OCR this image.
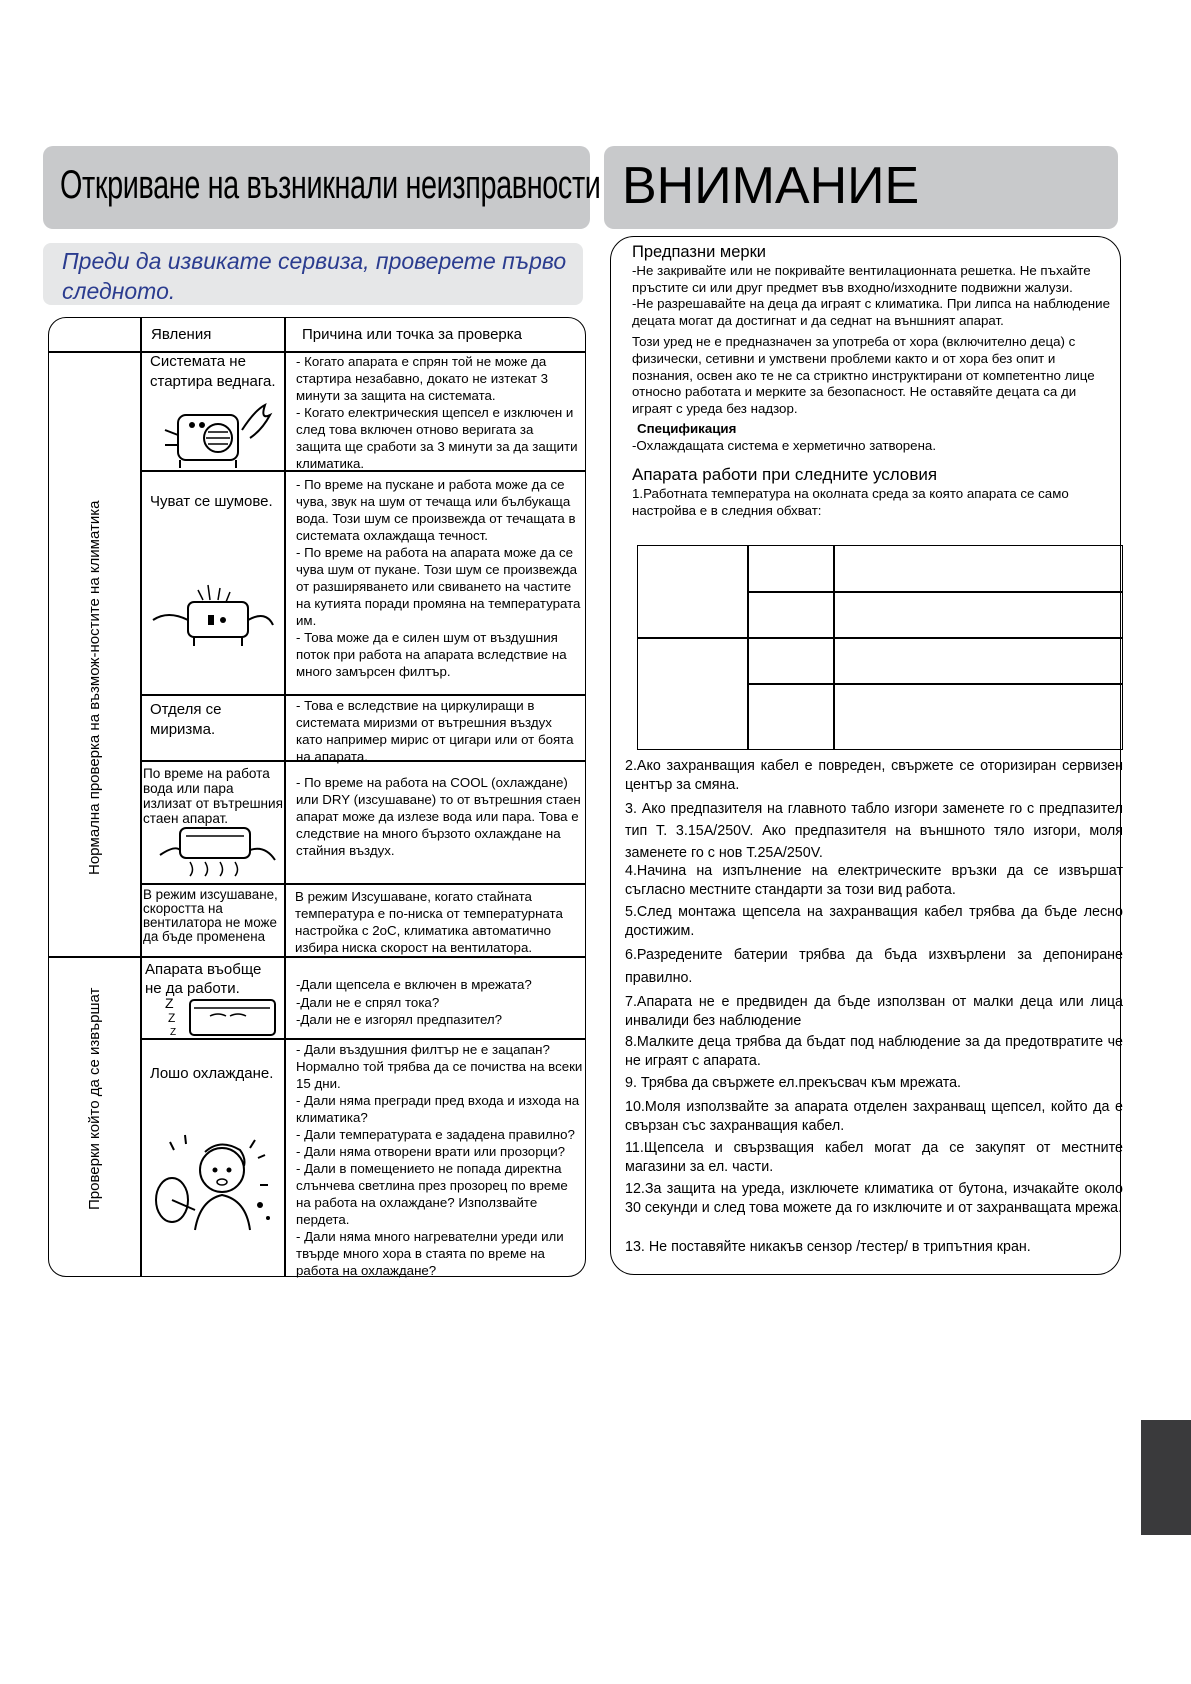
Откриване на възникнали неизправности ВНИМАНИЕ
Преди да извикате сервиза, проверете първо следното.
Явления	Причина или точка за проверка
Нормална проверка на възмож-ностите на климатика
Проверки който да се извършат
Системата не стартира веднага.
- Когато апарата е спрян той не може да стартира незабавно, докато не изтекат 3 минути за защита на системата.
- Когато електрическия щепсел е изключен и след това включен отново веригата за защита ще сработи за 3 минути за да защити климатика.
Чуват се шумове.
- По време на пускане и работа може да се чува, звук на шум от течаща или бълбукаща вода. Този шум се произвежда от течащата в системата охлаждаща течност.
- По време на работа на апарата може да се чува шум от пукане. Този шум се произвежда от разширяването или свиването на частите на кутията поради промяна на температурата им.
- Това може да е силен шум от въздушния поток при работа на апарата вследствие на много замърсен филтър.
Отделя се миризма.
- Това е вследствие на циркулиращи в системата миризми от вътрешния въздух като например мирис от цигари или от боята на апарата.
По време на работа вода или пара излизат от вътрешния стаен апарат.
- По време на работа на COOL (охлаждане) или DRY (изсушаване) то от вътрешния стаен апарат може да излезе вода или пара. Това е следствие на много бързото охлаждане на стайния въздух.
В режим изсушаване, скоростта на вентилатора не може да бъде променена
В режим Изсушаване, когато стайната температура е по-ниска от температурната настройка с 2оС, климатика автоматично избира ниска скорост на вентилатора.
Апарата въобще не да работи.	-Дали щепсела е включен в мрежата?
-Дали не е спрял тока?
-Дали не е изгорял предпазител?
Z
Z
Z
Лошо охлаждане.
- Дали въздушния филтър не е зацапан? Нормално той трябва да се почиства на всеки 15 дни.
- Дали няма прегради пред входа и изхода на климатика?
- Дали температурата е зададена правилно?
- Дали няма отворени врати или прозорци?
- Дали в помещението не попада директна слънчева светлина през прозорец по време на работа на охлаждане? Използвайте пердета.
- Дали няма много нагревателни уреди или твърде много хора в стаята по време на работа на охлаждане?
Предпазни мерки
-Не закривайте или не покривайте вентилационната решетка. Не пъхайте пръстите си или друг предмет във входно/изходните подвижни жалузи.
-Не разрешавайте на деца да играят с климатика. При липса на наблюдение децата могат да достигнат и да седнат на външният апарат.
Този уред не е предназначен за употреба от хора (включително деца) с физически, сетивни и умствени проблеми както и от хора без опит и познания, освен ако те не са стриктно инструктирани от компетентно лице относно работата и мерките за безопасност. Не оставяйте децата са ди играят с уреда без надзор.
Спецификация
-Охлаждащата система е херметично затворена.
Апарата работи при следните условия
1.Работната температура на околната среда за която апарата се само настройва е в следния обхват:
2.Ако захранващия кабел е повреден, свържете се оторизиран сервизен център за смяна.
3. Ако предпазителя на главното табло изгори заменете го с предпазител тип Т. 3.15A/250V. Ако предпазителя на външното тяло изгори, моля заменете го с нов Т.25A/250V.
4.Начина на изпълнение на електрическите връзки да се извършат съгласно местните стандарти за този вид работа.
5.След монтажа щепсела на захранващия кабел трябва да бъде лесно достижим.
6.Разредените батерии трябва да бъда изхвърлени за депониране правилно.
7.Апарата не е предвиден да бъде използван от малки деца или лица инвалиди без наблюдение
8.Малките деца трябва да бъдат под наблюдение за да предотвратите че не играят с апарата.
9. Трябва да свържете ел.прекъсвач към мрежата.
10.Моля използвайте за апарата отделен захранващ щепсел, който да е свързан със захранващия кабел.
11.Щепсела и свързващия кабел могат да се закупят от местните магазини за ел. части.
12.За защита на уреда, изключете климатика от бутона, изчакайте около 30 секунди и след това можете да го изключите и от захранващата мрежа.
13. Не поставяйте никакъв сензор /тестер/ в трипътния кран.
